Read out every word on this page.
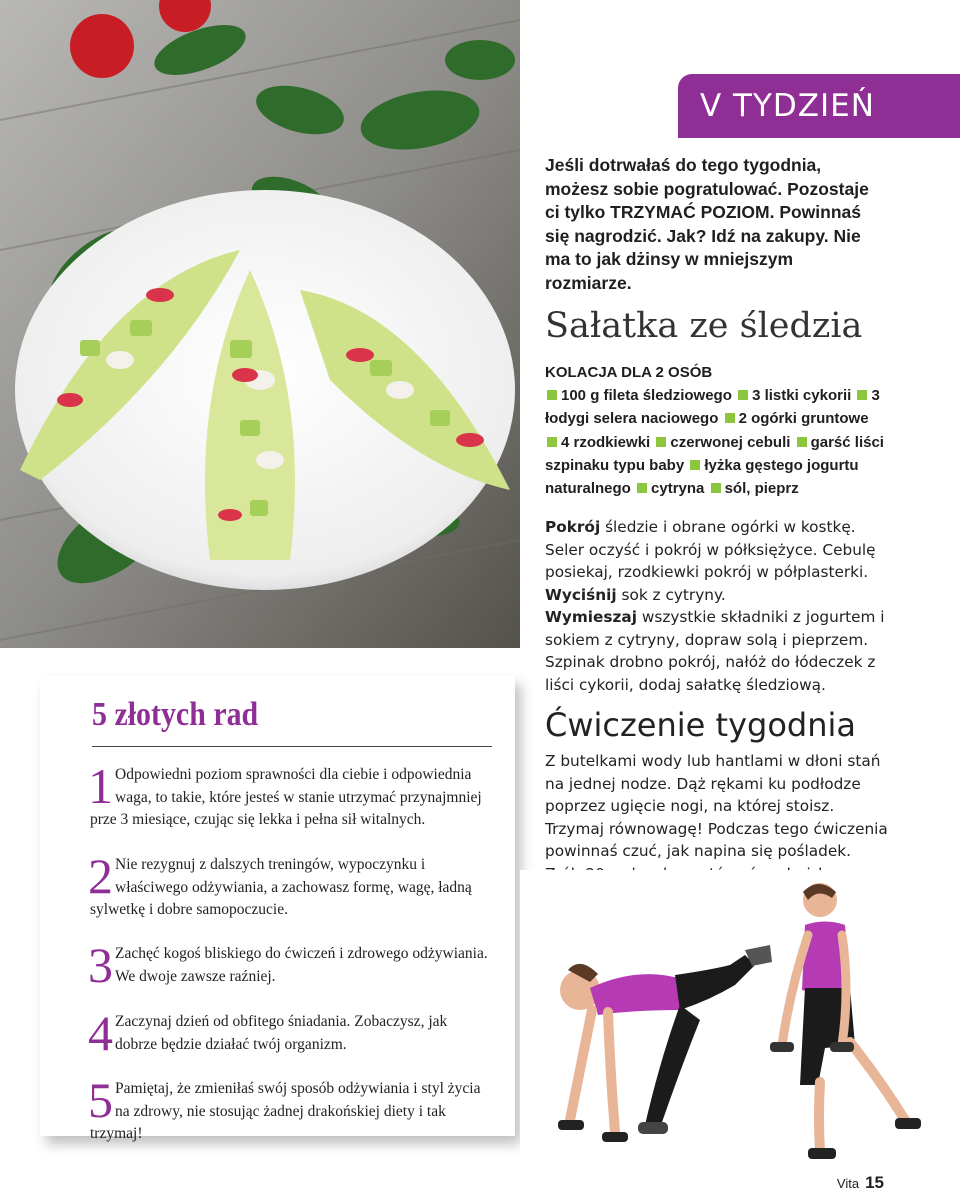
V TYDZIEŃ

Jeśli dotrwałaś do tego tygodnia, możesz sobie pogratulować. Pozostaje ci tylko TRZYMAĆ POZIOM. Powinnaś się nagrodzić. Jak? Idź na zakupy. Nie ma to jak dżinsy w mniejszym rozmiarze.

Sałatka ze śledzia
KOLACJA DLA 2 OSÓB
100 g fileta śledziowego 3 listki cykorii 3 łodygi selera naciowego 2 ogórki gruntowe 4 rzodkiewki czerwonej cebuli garść liści szpinaku typu baby łyżka gęstego jogurtu naturalnego cytryna sól, pieprz

Pokrój śledzie i obrane ogórki w kostkę. Seler oczyść i pokrój w półksiężyce. Cebulę posiekaj, rzodkiewki pokrój w półplasterki.

Wyciśnij sok z cytryny.

Wymieszaj wszystkie składniki z jogurtem i sokiem z cytryny, dopraw solą i pieprzem. Szpinak drobno pokrój, nałóż do łódeczek z liści cykorii, dodaj sałatkę śledziową.

Ćwiczenie tygodnia

Z butelkami wody lub hantlami w dłoni stań na jednej nodze. Dąż rękami ku podłodze poprzez ugięcie nogi, na której stoisz. Trzymaj równowagę! Podczas tego ćwiczenia powinnaś czuć, jak napina się pośladek.

5 złotych rad

1 Odpowiedni poziom sprawności dla ciebie i odpowiednia waga, to takie, które jesteś w stanie utrzymać przynajmniej prze 3 miesiące, czując się lekka i pełna sił witalnych.

2 Nie rezygnuj z dalszych treningów, wypoczynku i właściwego odżywiania, a zachowasz formę, wagę, ładną sylwetkę i dobre samopoczucie.

3 Zachęć kogoś bliskiego do ćwiczeń i zdrowego odżywiania. We dwoje zawsze raźniej.

4 Zaczynaj dzień od obfitego śniadania. Zobaczysz, jak dobrze będzie działać twój organizm.

5 Pamiętaj, że zmieniłaś swój sposób odżywiania i styl życia na zdrowy, nie stosując żadnej drakońskiej diety i tak trzymaj!

Vita 15
